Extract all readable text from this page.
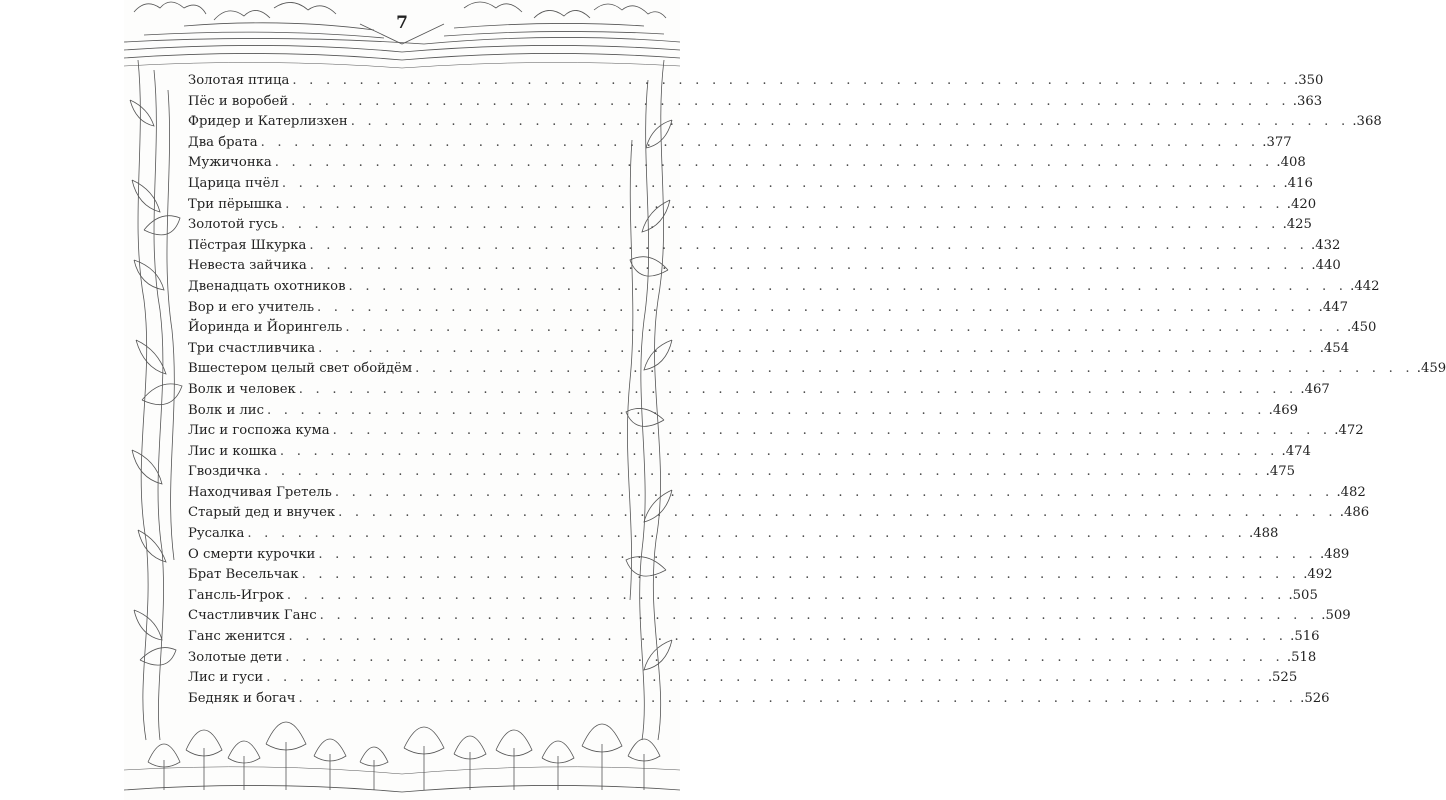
7
Золотая птица . . . . . . . . . . . . . . . . . . . . . . . . . . . . . . . . . . . . . . . . . . . . . . . . . . . . . . . . . . . . .350
Пёс и воробей . . . . . . . . . . . . . . . . . . . . . . . . . . . . . . . . . . . . . . . . . . . . . . . . . . . . . . . . . . . . .363
Фридер и Катерлизхен . . . . . . . . . . . . . . . . . . . . . . . . . . . . . . . . . . . . . . . . . . . . . . . . . . . . . . . . . . . . .368
Два брата . . . . . . . . . . . . . . . . . . . . . . . . . . . . . . . . . . . . . . . . . . . . . . . . . . . . . . . . . . . . .377
Мужичонка . . . . . . . . . . . . . . . . . . . . . . . . . . . . . . . . . . . . . . . . . . . . . . . . . . . . . . . . . . . . .408
Царица пчёл . . . . . . . . . . . . . . . . . . . . . . . . . . . . . . . . . . . . . . . . . . . . . . . . . . . . . . . . . . . . .416
Три пёрышка . . . . . . . . . . . . . . . . . . . . . . . . . . . . . . . . . . . . . . . . . . . . . . . . . . . . . . . . . . . . .420
Золотой гусь . . . . . . . . . . . . . . . . . . . . . . . . . . . . . . . . . . . . . . . . . . . . . . . . . . . . . . . . . . . . .425
Пёстрая Шкурка . . . . . . . . . . . . . . . . . . . . . . . . . . . . . . . . . . . . . . . . . . . . . . . . . . . . . . . . . . . . .432
Невеста зайчика . . . . . . . . . . . . . . . . . . . . . . . . . . . . . . . . . . . . . . . . . . . . . . . . . . . . . . . . . . . . .440
Двенадцать охотников . . . . . . . . . . . . . . . . . . . . . . . . . . . . . . . . . . . . . . . . . . . . . . . . . . . . . . . . . . . . .442
Вор и его учитель . . . . . . . . . . . . . . . . . . . . . . . . . . . . . . . . . . . . . . . . . . . . . . . . . . . . . . . . . . . . .447
Йоринда и Йорингель . . . . . . . . . . . . . . . . . . . . . . . . . . . . . . . . . . . . . . . . . . . . . . . . . . . . . . . . . . . . .450
Три счастливчика . . . . . . . . . . . . . . . . . . . . . . . . . . . . . . . . . . . . . . . . . . . . . . . . . . . . . . . . . . . . .454
Вшестером целый свет обойдём . . . . . . . . . . . . . . . . . . . . . . . . . . . . . . . . . . . . . . . . . . . . . . . . . . . . . . . . . . . . .459
Волк и человек . . . . . . . . . . . . . . . . . . . . . . . . . . . . . . . . . . . . . . . . . . . . . . . . . . . . . . . . . . . . .467
Волк и лис . . . . . . . . . . . . . . . . . . . . . . . . . . . . . . . . . . . . . . . . . . . . . . . . . . . . . . . . . . . . .469
Лис и госпожа кума . . . . . . . . . . . . . . . . . . . . . . . . . . . . . . . . . . . . . . . . . . . . . . . . . . . . . . . . . . . . .472
Лис и кошка . . . . . . . . . . . . . . . . . . . . . . . . . . . . . . . . . . . . . . . . . . . . . . . . . . . . . . . . . . . . .474
Гвоздичка . . . . . . . . . . . . . . . . . . . . . . . . . . . . . . . . . . . . . . . . . . . . . . . . . . . . . . . . . . . . .475
Находчивая Гретель . . . . . . . . . . . . . . . . . . . . . . . . . . . . . . . . . . . . . . . . . . . . . . . . . . . . . . . . . . . . .482
Старый дед и внучек . . . . . . . . . . . . . . . . . . . . . . . . . . . . . . . . . . . . . . . . . . . . . . . . . . . . . . . . . . . . .486
Русалка . . . . . . . . . . . . . . . . . . . . . . . . . . . . . . . . . . . . . . . . . . . . . . . . . . . . . . . . . . . . .488
О смерти курочки . . . . . . . . . . . . . . . . . . . . . . . . . . . . . . . . . . . . . . . . . . . . . . . . . . . . . . . . . . . . .489
Брат Весельчак . . . . . . . . . . . . . . . . . . . . . . . . . . . . . . . . . . . . . . . . . . . . . . . . . . . . . . . . . . . . .492
Гансль-Игрок . . . . . . . . . . . . . . . . . . . . . . . . . . . . . . . . . . . . . . . . . . . . . . . . . . . . . . . . . . . . .505
Счастливчик Ганс . . . . . . . . . . . . . . . . . . . . . . . . . . . . . . . . . . . . . . . . . . . . . . . . . . . . . . . . . . . . .509
Ганс женится . . . . . . . . . . . . . . . . . . . . . . . . . . . . . . . . . . . . . . . . . . . . . . . . . . . . . . . . . . . . .516
Золотые дети . . . . . . . . . . . . . . . . . . . . . . . . . . . . . . . . . . . . . . . . . . . . . . . . . . . . . . . . . . . . .518
Лис и гуси . . . . . . . . . . . . . . . . . . . . . . . . . . . . . . . . . . . . . . . . . . . . . . . . . . . . . . . . . . . . .525
Бедняк и богач . . . . . . . . . . . . . . . . . . . . . . . . . . . . . . . . . . . . . . . . . . . . . . . . . . . . . . . . . . . . .526
